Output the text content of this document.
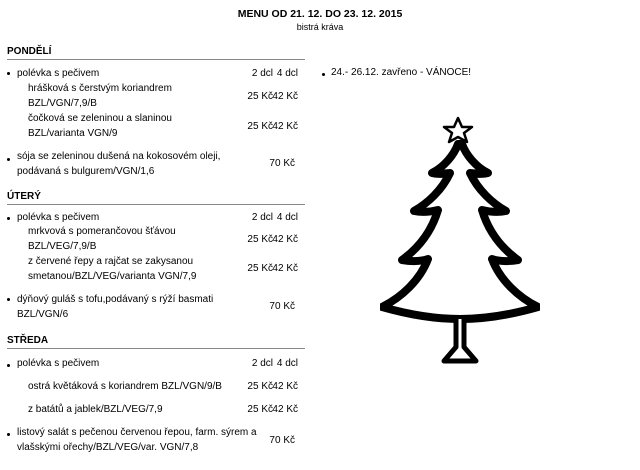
MENU OD 21. 12. DO 23. 12. 2015
bistrá kráva
PONDĚLÍ
polévka s pečivem	2 dcl 4 dcl
hrášková s čerstvým koriandrem
BZL/VGN/7,9/B
25 Kč 42 Kč
čočková se zeleninou a slaninou
BZL/varianta VGN/9
25 Kč 42 Kč
sója se zeleninou dušená na kokosovém oleji,
podávaná s bulgurem/VGN/1,6
70 Kč
ÚTERÝ
polévka s pečivem	2 dcl 4 dcl
mrkvová s pomerančovou šťávou
BZL/VEG/7,9/B
25 Kč 42 Kč
z červené řepy a rajčat se zakysanou
smetanou/BZL/VEG/varianta VGN/7,9
25 Kč 42 Kč
dýňový guláš s tofu,podávaný s rýží basmati
BZL/VGN/6
70 Kč
STŘEDA
polévka s pečivem	2 dcl 4 dcl
ostrá květáková s koriandrem BZL/VGN/9/B	25 Kč 42 Kč
z batátů a jablek/BZL/VEG/7,9	25 Kč 42 Kč
listový salát s pečenou červenou řepou, farm. sýrem a
vlašskými ořechy/BZL/VEG/var. VGN/7,8
70 Kč
24.- 26.12. zavřeno - VÁNOCE!
